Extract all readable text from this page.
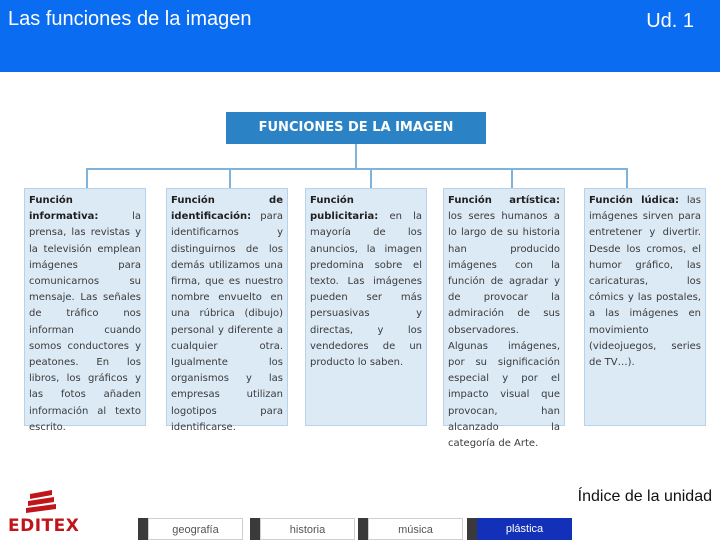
Las funciones de la imagen	Ud. 1
FUNCIONES DE LA IMAGEN

Función informativa:	la prensa, las revistas y la televisión emplean imágenes para comunicarnos su mensaje. Las señales de tráfico nos informan cuando somos conductores y peatones. En los libros, los gráficos y las fotos añaden información al texto escrito.

Función de identificación: para identificarnos y distinguirnos de los demás utilizamos una firma, que es nuestro nombre envuelto en una rúbrica (dibujo) personal y diferente a cualquier otra. Igualmente los organismos y las empresas utilizan logotipos para identificarse.

Función publicitaria: en la mayoría de los anuncios, la imagen predomina sobre el texto. Las imágenes pueden ser más persuasivas y directas, y los vendedores de un producto lo saben.

Función artística: los seres humanos a lo largo de su historia han producido imágenes con la función de agradar y de provocar la admiración de sus observadores. Algunas imágenes, por su significación especial y por el impacto visual que provocan, han alcanzado la categoría de Arte.

Función lúdica: las imágenes sirven para entretener y divertir. Desde los cromos, el humor gráfico, las caricaturas, los cómics y las postales, a las imágenes en movimiento (videojuegos, series de TV…).

Índice de la unidad
EDITEX	geografía	historia	música	plástica
